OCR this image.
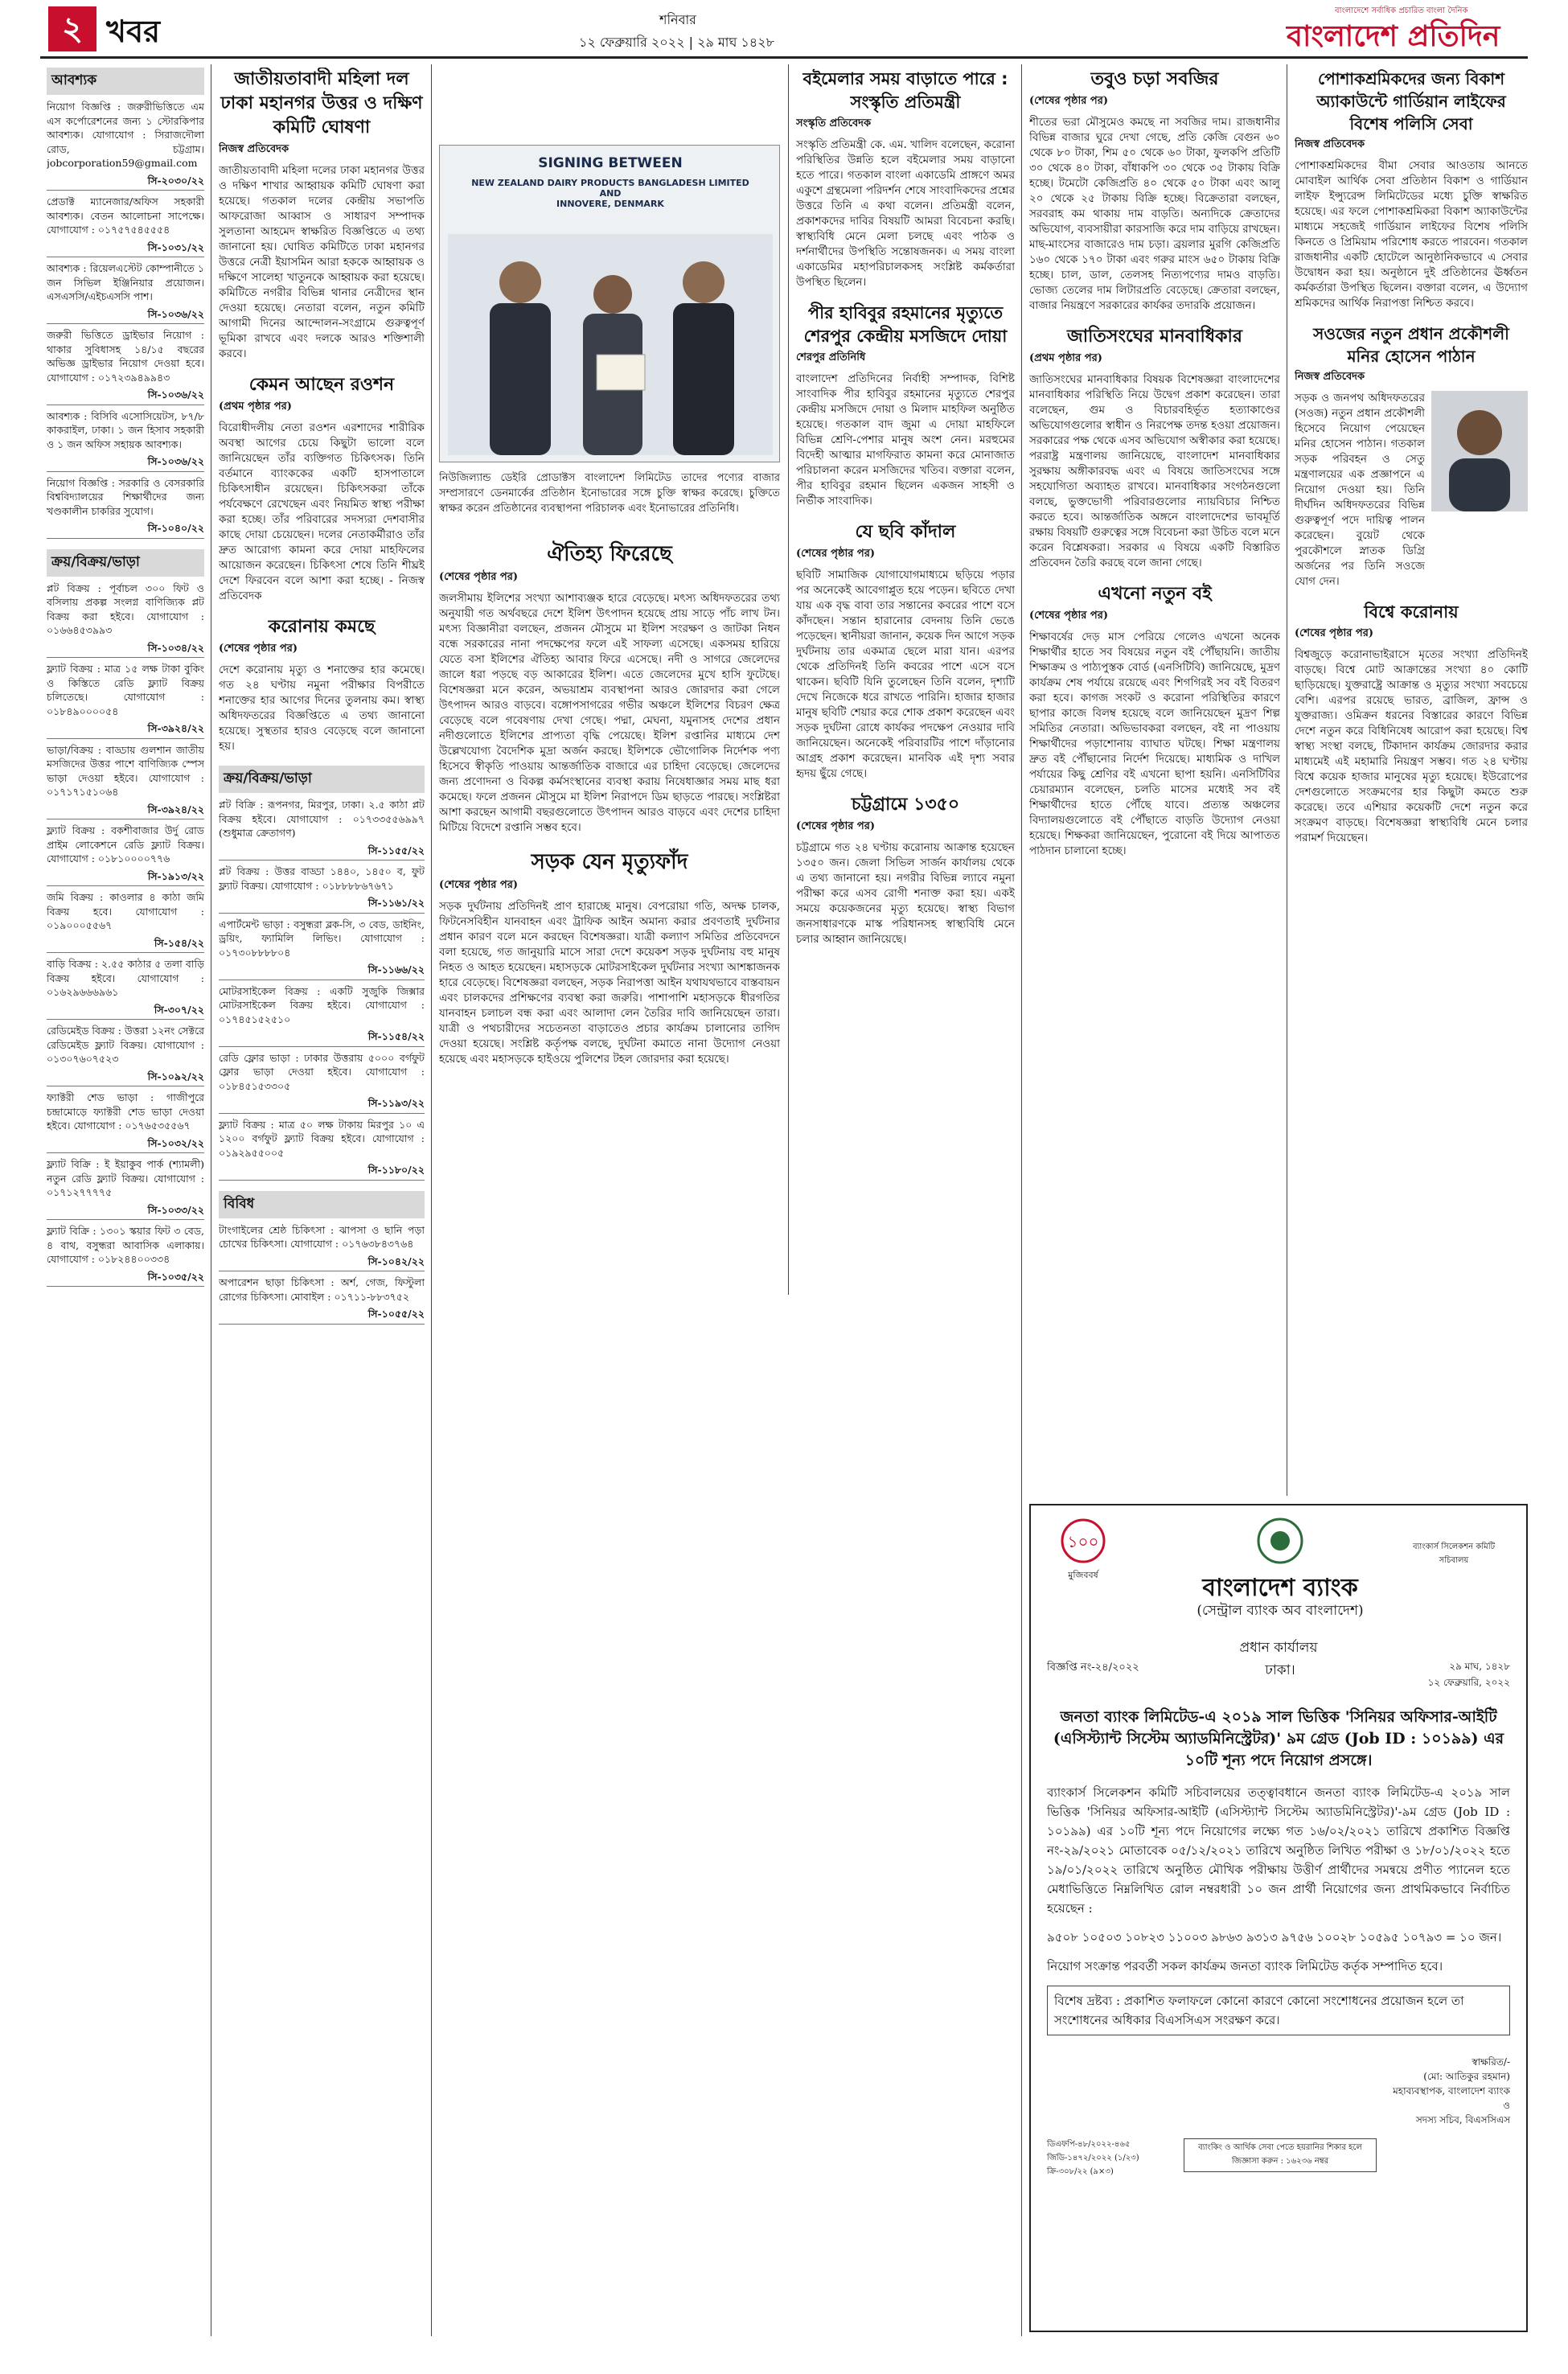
২ খবর	শনিবার
১২ ফেব্রুয়ারি ২০২২ | ২৯ মাঘ ১৪২৮
বাংলাদেশে সর্বাধিক প্রচারিত বাংলা দৈনিক
বাংলাদেশ প্রতিদিন
আবশ্যক

নিয়োগ বিজ্ঞপ্তি : জরুরীভিত্তিতে এম এস কর্পোরেশনের জন্য ১ স্টোরকিপার আবশ্যক। যোগাযোগ : সিরাজদৌলা রোড, চট্টগ্রাম। jobcorporation59@gmail.com

সি-২০৩০/২২

প্রেডাক্ট ম্যানেজার/অফিস সহকারী আবশ্যক। বেতন আলোচনা সাপেক্ষে। যোগাযোগ : ০১৭৫৭৫৪৫৫৫৪

সি-১০৩১/২২

আবশ্যক : রিয়েলএস্টেট কোম্পানীতে ১ জন সিভিল ইঞ্জিনিয়ার প্রয়োজন। এসএসসি/এইচএসসি পাশ।

সি-১০৩৬/২২

জরুরী ভিত্তিতে ড্রাইভার নিয়োগ : থাকার সুবিধাসহ ১৪/১৫ বছরের অভিজ্ঞ ড্রাইভার নিয়োগ দেওয়া হবে। যোগাযোগ : ০১৭২৩৯৪৯৯৪৩

সি-১০৩৬/২২

আবশ্যক : বিসিবি এসোসিয়েটস, ৮৭/৮ কাকরাইল, ঢাকা। ১ জন হিসাব সহকারী ও ১ জন অফিস সহায়ক আবশ্যক।

সি-১০৩৬/২২

নিয়োগ বিজ্ঞপ্তি : সরকারি ও বেসরকারি বিশ্ববিদ্যালয়ের শিক্ষার্থীদের জন্য খণ্ডকালীন চাকরির সুযোগ।

সি-১০৪০/২২
ক্রয়/বিক্রয়/ভাড়া

প্লট বিক্রয় : পূর্বাচল ৩০০ ফিট ও বসিলায় প্রকল্প সংলগ্ন বাণিজ্যিক প্লট বিক্রয় করা হইবে। যোগাযোগ : ০১৬৬৪৫৩৯৯৩

সি-১০৩৪/২২

ফ্ল্যাট বিক্রয় : মাত্র ১৫ লক্ষ টাকা বুকিং ও কিস্তিতে রেডি ফ্ল্যাট বিক্রয় চলিতেছে। যোগাযোগ : ০১৮৪৯০০০০৫৪

সি-৩৯২৪/২২

ভাড়া/বিক্রয় : বাড্ডায় গুলশান জাতীয় মসজিদের উত্তর পাশে বাণিজ্যিক স্পেস ভাড়া দেওয়া হইবে। যোগাযোগ : ০১৭১৭১৫১০৬৪

সি-৩৯২৪/২২

ফ্ল্যাট বিক্রয় : বকশীবাজার উর্দু রোড প্রাইম লোকেশনে রেডি ফ্ল্যাট বিক্রয়। যোগাযোগ : ০১৮১০০০০৭৭৬

সি-১৯১৩/২২

জমি বিক্রয় : কাওলার ৪ কাঠা জমি বিক্রয় হবে। যোগাযোগ : ০১৯০০০৫৫৬৭

সি-১৫৪/২২

বাড়ি বিক্রয় : ২.৫৫ কাঠার ৫ তলা বাড়ি বিক্রয় হইবে। যোগাযোগ : ০১৬২৯৬৬৬৯৬১

সি-৩০৭/২২

রেডিমেইড বিক্রয় : উত্তরা ১২নং সেক্টরে রেডিমেইড ফ্ল্যাট বিক্রয়। যোগাযোগ : ০১৩০৭৬০৭৫২৩

সি-১০৯২/২২

ফ্যাক্টরী শেড ভাড়া : গাজীপুরে চন্দ্রামোড়ে ফ্যাক্টরী শেড ভাড়া দেওয়া হইবে। যোগাযোগ : ০১৭৬৫৩৫৫৬৭

সি-১০৩২/২২

ফ্ল্যাট বিক্রি : ই ইয়াকুব পার্ক (শ্যামলী) নতুন রেডি ফ্ল্যাট বিক্রয়। যোগাযোগ : ০১৭১২৭৭৭৭৫

সি-১০৩৩/২২

ফ্ল্যাট বিক্রি : ১৩০১ স্কয়ার ফিট ৩ বেড, ৪ বাথ, বসুন্ধরা আবাসিক এলাকায়। যোগাযোগ : ০১৮২৪৪০০৩৩৪

সি-১০৩৫/২২
জাতীয়তাবাদী মহিলা দল ঢাকা মহানগর উত্তর ও দক্ষিণ কমিটি ঘোষণা
নিজস্ব প্রতিবেদক
জাতীয়তাবাদী মহিলা দলের ঢাকা মহানগর উত্তর ও দক্ষিণ শাখার আহ্বায়ক কমিটি ঘোষণা করা হয়েছে। গতকাল দলের কেন্দ্রীয় সভাপতি আফরোজা আব্বাস ও সাধারণ সম্পাদক সুলতানা আহমেদ স্বাক্ষরিত বিজ্ঞপ্তিতে এ তথ্য জানানো হয়। ঘোষিত কমিটিতে ঢাকা মহানগর উত্তরে নেত্রী ইয়াসমিন আরা হককে আহ্বায়ক ও দক্ষিণে সালেহা খাতুনকে আহ্বায়ক করা হয়েছে। কমিটিতে নগরীর বিভিন্ন থানার নেত্রীদের স্থান দেওয়া হয়েছে। নেতারা বলেন, নতুন কমিটি আগামী দিনের আন্দোলন-সংগ্রামে গুরুত্বপূর্ণ ভূমিকা রাখবে এবং দলকে আরও শক্তিশালী করবে।
কেমন আছেন রওশন
(প্রথম পৃষ্ঠার পর)
বিরোধীদলীয় নেতা রওশন এরশাদের শারীরিক অবস্থা আগের চেয়ে কিছুটা ভালো বলে জানিয়েছেন তাঁর ব্যক্তিগত চিকিৎসক। তিনি বর্তমানে ব্যাংককের একটি হাসপাতালে চিকিৎসাধীন রয়েছেন। চিকিৎসকরা তাঁকে পর্যবেক্ষণে রেখেছেন এবং নিয়মিত স্বাস্থ্য পরীক্ষা করা হচ্ছে। তাঁর পরিবারের সদস্যরা দেশবাসীর কাছে দোয়া চেয়েছেন। দলের নেতাকর্মীরাও তাঁর দ্রুত আরোগ্য কামনা করে দোয়া মাহফিলের আয়োজন করেছেন। চিকিৎসা শেষে তিনি শীঘ্রই দেশে ফিরবেন বলে আশা করা হচ্ছে। - নিজস্ব প্রতিবেদক
করোনায় কমছে
(শেষের পৃষ্ঠার পর)
দেশে করোনায় মৃত্যু ও শনাক্তের হার কমেছে। গত ২৪ ঘণ্টায় নমুনা পরীক্ষার বিপরীতে শনাক্তের হার আগের দিনের তুলনায় কম। স্বাস্থ্য অধিদফতরের বিজ্ঞপ্তিতে এ তথ্য জানানো হয়েছে। সুস্থতার হারও বেড়েছে বলে জানানো হয়।
ক্রয়/বিক্রয়/ভাড়া

প্লট বিক্রি : রূপনগর, মিরপুর, ঢাকা। ২.৫ কাঠা প্লট বিক্রয় হইবে। যোগাযোগ : ০১৭৩৩৫৫৬৯৯৭ (শুধুমাত্র ক্রেতাগণ)

সি-১১৫৫/২২

প্লট বিক্রয় : উত্তর বাড্ডা ১৪৪০, ১৪৫০ ব, ফুট ফ্ল্যাট বিক্রয়। যোগাযোগ : ০১৮৮৮৮৬৭৬৭১

সি-১১৬১/২২

এপার্টমেন্ট ভাড়া : বসুন্ধরা ব্লক-সি, ৩ বেড, ডাইনিং, ড্রয়িং, ফ্যামিলি লিভিং। যোগাযোগ : ০১৭৩০৮৮৮৮০৪

সি-১১৬৬/২২

মোটরসাইকেল বিক্রয় : একটি সুজুকি জিক্সার মোটরসাইকেল বিক্রয় হইবে। যোগাযোগ : ০১৭৪৫১৫২৫১০

সি-১১৫৪/২২

রেডি ফ্লোর ভাড়া : ঢাকার উত্তরায় ৫০০০ বর্গফুট ফ্লোর ভাড়া দেওয়া হইবে। যোগাযোগ : ০১৮৪৫১৫৩৩০৫

সি-১১৯৩/২২

ফ্ল্যাট বিক্রয় : মাত্র ৫০ লক্ষ টাকায় মিরপুর ১০ এ ১২০০ বর্গফুট ফ্ল্যাট বিক্রয় হইবে। যোগাযোগ : ০১৯২৯৫৫০০৫

সি-১১৮০/২২
বিবিধ

টাংগাইলের শ্রেষ্ঠ চিকিৎসা : ঝাপসা ও ছানি পড়া চোখের চিকিৎসা। যোগাযোগ : ০১৭৬৩৮৪৩৭৬৪

সি-১০৪২/২২

অপারেশন ছাড়া চিকিৎসা : অর্শ, গেজ, ফিস্টুলা রোগের চিকিৎসা। মোবাইল : ০১৭১১-৮৮৩৭৫২

সি-১০৫৫/২২
SIGNING BETWEEN
NEW ZEALAND DAIRY PRODUCTS BANGLADESH LIMITED
AND
INNOVERE, DENMARK
নিউজিল্যান্ড ডেইরি প্রোডাক্টস বাংলাদেশ লিমিটেড তাদের পণ্যের বাজার সম্প্রসারণে ডেনমার্কের প্রতিষ্ঠান ইনোভারের সঙ্গে চুক্তি স্বাক্ষর করেছে। চুক্তিতে স্বাক্ষর করেন প্রতিষ্ঠানের ব্যবস্থাপনা পরিচালক এবং ইনোভারের প্রতিনিধি।
ঐতিহ্য ফিরেছে
(শেষের পৃষ্ঠার পর)
জলসীমায় ইলিশের সংখ্যা আশাব্যঞ্জক হারে বেড়েছে। মৎস্য অধিদফতরের তথ্য অনুযায়ী গত অর্থবছরে দেশে ইলিশ উৎপাদন হয়েছে প্রায় সাড়ে পাঁচ লাখ টন। মৎস্য বিজ্ঞানীরা বলছেন, প্রজনন মৌসুমে মা ইলিশ সংরক্ষণ ও জাটকা নিধন বন্ধে সরকারের নানা পদক্ষেপের ফলে এই সাফল্য এসেছে। একসময় হারিয়ে যেতে বসা ইলিশের ঐতিহ্য আবার ফিরে এসেছে। নদী ও সাগরে জেলেদের জালে ধরা পড়ছে বড় আকারের ইলিশ। এতে জেলেদের মুখে হাসি ফুটেছে। বিশেষজ্ঞরা মনে করেন, অভয়াশ্রম ব্যবস্থাপনা আরও জোরদার করা গেলে উৎপাদন আরও বাড়বে। বঙ্গোপসাগরের গভীর অঞ্চলে ইলিশের বিচরণ ক্ষেত্র বেড়েছে বলে গবেষণায় দেখা গেছে। পদ্মা, মেঘনা, যমুনাসহ দেশের প্রধান নদীগুলোতে ইলিশের প্রাপ্যতা বৃদ্ধি পেয়েছে। ইলিশ রপ্তানির মাধ্যমে দেশ উল্লেখযোগ্য বৈদেশিক মুদ্রা অর্জন করছে। ইলিশকে ভৌগোলিক নির্দেশক পণ্য হিসেবে স্বীকৃতি পাওয়ায় আন্তর্জাতিক বাজারে এর চাহিদা বেড়েছে। জেলেদের জন্য প্রণোদনা ও বিকল্প কর্মসংস্থানের ব্যবস্থা করায় নিষেধাজ্ঞার সময় মাছ ধরা কমেছে। ফলে প্রজনন মৌসুমে মা ইলিশ নিরাপদে ডিম ছাড়তে পারছে। সংশ্লিষ্টরা আশা করছেন আগামী বছরগুলোতে উৎপাদন আরও বাড়বে এবং দেশের চাহিদা মিটিয়ে বিদেশে রপ্তানি সম্ভব হবে।
সড়ক যেন মৃত্যুফাঁদ
(শেষের পৃষ্ঠার পর)
সড়ক দুর্ঘটনায় প্রতিদিনই প্রাণ হারাচ্ছে মানুষ। বেপরোয়া গতি, অদক্ষ চালক, ফিটনেসবিহীন যানবাহন এবং ট্রাফিক আইন অমান্য করার প্রবণতাই দুর্ঘটনার প্রধান কারণ বলে মনে করছেন বিশেষজ্ঞরা। যাত্রী কল্যাণ সমিতির প্রতিবেদনে বলা হয়েছে, গত জানুয়ারি মাসে সারা দেশে কয়েকশ সড়ক দুর্ঘটনায় বহু মানুষ নিহত ও আহত হয়েছেন। মহাসড়কে মোটরসাইকেল দুর্ঘটনার সংখ্যা আশঙ্কাজনক হারে বেড়েছে। বিশেষজ্ঞরা বলছেন, সড়ক নিরাপত্তা আইন যথাযথভাবে বাস্তবায়ন এবং চালকদের প্রশিক্ষণের ব্যবস্থা করা জরুরি। পাশাপাশি মহাসড়কে ধীরগতির যানবাহন চলাচল বন্ধ করা এবং আলাদা লেন তৈরির দাবি জানিয়েছেন তারা। যাত্রী ও পথচারীদের সচেতনতা বাড়াতেও প্রচার কার্যক্রম চালানোর তাগিদ দেওয়া হয়েছে। সংশ্লিষ্ট কর্তৃপক্ষ বলছে, দুর্ঘটনা কমাতে নানা উদ্যোগ নেওয়া হয়েছে এবং মহাসড়কে হাইওয়ে পুলিশের টহল জোরদার করা হয়েছে।
বইমেলার সময় বাড়াতে পারে : সংস্কৃতি প্রতিমন্ত্রী
সংস্কৃতি প্রতিবেদক
সংস্কৃতি প্রতিমন্ত্রী কে. এম. খালিদ বলেছেন, করোনা পরিস্থিতির উন্নতি হলে বইমেলার সময় বাড়ানো হতে পারে। গতকাল বাংলা একাডেমি প্রাঙ্গণে অমর একুশে গ্রন্থমেলা পরিদর্শন শেষে সাংবাদিকদের প্রশ্নের উত্তরে তিনি এ কথা বলেন। প্রতিমন্ত্রী বলেন, প্রকাশকদের দাবির বিষয়টি আমরা বিবেচনা করছি। স্বাস্থ্যবিধি মেনে মেলা চলছে এবং পাঠক ও দর্শনার্থীদের উপস্থিতি সন্তোষজনক। এ সময় বাংলা একাডেমির মহাপরিচালকসহ সংশ্লিষ্ট কর্মকর্তারা উপস্থিত ছিলেন।
পীর হাবিবুর রহমানের মৃত্যুতে শেরপুর কেন্দ্রীয় মসজিদে দোয়া
শেরপুর প্রতিনিধি
বাংলাদেশ প্রতিদিনের নির্বাহী সম্পাদক, বিশিষ্ট সাংবাদিক পীর হাবিবুর রহমানের মৃত্যুতে শেরপুর কেন্দ্রীয় মসজিদে দোয়া ও মিলাদ মাহফিল অনুষ্ঠিত হয়েছে। গতকাল বাদ জুমা এ দোয়া মাহফিলে বিভিন্ন শ্রেণি-পেশার মানুষ অংশ নেন। মরহুমের বিদেহী আত্মার মাগফিরাত কামনা করে মোনাজাত পরিচালনা করেন মসজিদের খতিব। বক্তারা বলেন, পীর হাবিবুর রহমান ছিলেন একজন সাহসী ও নির্ভীক সাংবাদিক।
যে ছবি কাঁদাল
(শেষের পৃষ্ঠার পর)
ছবিটি সামাজিক যোগাযোগমাধ্যমে ছড়িয়ে পড়ার পর অনেকেই আবেগাপ্লুত হয়ে পড়েন। ছবিতে দেখা যায় এক বৃদ্ধ বাবা তার সন্তানের কবরের পাশে বসে কাঁদছেন। সন্তান হারানোর বেদনায় তিনি ভেঙে পড়েছেন। স্থানীয়রা জানান, কয়েক দিন আগে সড়ক দুর্ঘটনায় তার একমাত্র ছেলে মারা যান। এরপর থেকে প্রতিদিনই তিনি কবরের পাশে এসে বসে থাকেন। ছবিটি যিনি তুলেছেন তিনি বলেন, দৃশ্যটি দেখে নিজেকে ধরে রাখতে পারিনি। হাজার হাজার মানুষ ছবিটি শেয়ার করে শোক প্রকাশ করেছেন এবং সড়ক দুর্ঘটনা রোধে কার্যকর পদক্ষেপ নেওয়ার দাবি জানিয়েছেন। অনেকেই পরিবারটির পাশে দাঁড়ানোর আগ্রহ প্রকাশ করেছেন। মানবিক এই দৃশ্য সবার হৃদয় ছুঁয়ে গেছে।
চট্টগ্রামে ১৩৫০
(শেষের পৃষ্ঠার পর)
চট্টগ্রামে গত ২৪ ঘণ্টায় করোনায় আক্রান্ত হয়েছেন ১৩৫০ জন। জেলা সিভিল সার্জন কার্যালয় থেকে এ তথ্য জানানো হয়। নগরীর বিভিন্ন ল্যাবে নমুনা পরীক্ষা করে এসব রোগী শনাক্ত করা হয়। একই সময়ে কয়েকজনের মৃত্যু হয়েছে। স্বাস্থ্য বিভাগ জনসাধারণকে মাস্ক পরিধানসহ স্বাস্থ্যবিধি মেনে চলার আহ্বান জানিয়েছে।
তবুও চড়া সবজির
(শেষের পৃষ্ঠার পর)
শীতের ভরা মৌসুমেও কমছে না সবজির দাম। রাজধানীর বিভিন্ন বাজার ঘুরে দেখা গেছে, প্রতি কেজি বেগুন ৬০ থেকে ৮০ টাকা, শিম ৫০ থেকে ৬০ টাকা, ফুলকপি প্রতিটি ৩০ থেকে ৪০ টাকা, বাঁধাকপি ৩০ থেকে ৩৫ টাকায় বিক্রি হচ্ছে। টমেটো কেজিপ্রতি ৪০ থেকে ৫০ টাকা এবং আলু ২০ থেকে ২৫ টাকায় বিক্রি হচ্ছে। বিক্রেতারা বলছেন, সরবরাহ কম থাকায় দাম বাড়তি। অন্যদিকে ক্রেতাদের অভিযোগ, ব্যবসায়ীরা কারসাজি করে দাম বাড়িয়ে রাখছেন। মাছ-মাংসের বাজারেও দাম চড়া। ব্রয়লার মুরগি কেজিপ্রতি ১৬০ থেকে ১৭০ টাকা এবং গরুর মাংস ৬৫০ টাকায় বিক্রি হচ্ছে। চাল, ডাল, তেলসহ নিত্যপণ্যের দামও বাড়তি। ভোজ্য তেলের দাম লিটারপ্রতি বেড়েছে। ক্রেতারা বলছেন, বাজার নিয়ন্ত্রণে সরকারের কার্যকর তদারকি প্রয়োজন।
জাতিসংঘের মানবাধিকার
(প্রথম পৃষ্ঠার পর)
জাতিসংঘের মানবাধিকার বিষয়ক বিশেষজ্ঞরা বাংলাদেশের মানবাধিকার পরিস্থিতি নিয়ে উদ্বেগ প্রকাশ করেছেন। তারা বলেছেন, গুম ও বিচারবহির্ভূত হত্যাকাণ্ডের অভিযোগগুলোর স্বাধীন ও নিরপেক্ষ তদন্ত হওয়া প্রয়োজন। সরকারের পক্ষ থেকে এসব অভিযোগ অস্বীকার করা হয়েছে। পররাষ্ট্র মন্ত্রণালয় জানিয়েছে, বাংলাদেশ মানবাধিকার সুরক্ষায় অঙ্গীকারবদ্ধ এবং এ বিষয়ে জাতিসংঘের সঙ্গে সহযোগিতা অব্যাহত রাখবে। মানবাধিকার সংগঠনগুলো বলছে, ভুক্তভোগী পরিবারগুলোর ন্যায়বিচার নিশ্চিত করতে হবে। আন্তর্জাতিক অঙ্গনে বাংলাদেশের ভাবমূর্তি রক্ষায় বিষয়টি গুরুত্বের সঙ্গে বিবেচনা করা উচিত বলে মনে করেন বিশ্লেষকরা। সরকার এ বিষয়ে একটি বিস্তারিত প্রতিবেদন তৈরি করছে বলে জানা গেছে।
এখনো নতুন বই
(শেষের পৃষ্ঠার পর)
শিক্ষাবর্ষের দেড় মাস পেরিয়ে গেলেও এখনো অনেক শিক্ষার্থীর হাতে সব বিষয়ের নতুন বই পৌঁছায়নি। জাতীয় শিক্ষাক্রম ও পাঠ্যপুস্তক বোর্ড (এনসিটিবি) জানিয়েছে, মুদ্রণ কার্যক্রম শেষ পর্যায়ে রয়েছে এবং শিগগিরই সব বই বিতরণ করা হবে। কাগজ সংকট ও করোনা পরিস্থিতির কারণে ছাপার কাজে বিলম্ব হয়েছে বলে জানিয়েছেন মুদ্রণ শিল্প সমিতির নেতারা। অভিভাবকরা বলছেন, বই না পাওয়ায় শিক্ষার্থীদের পড়াশোনায় ব্যাঘাত ঘটছে। শিক্ষা মন্ত্রণালয় দ্রুত বই পৌঁছানোর নির্দেশ দিয়েছে। মাধ্যমিক ও দাখিল পর্যায়ের কিছু শ্রেণির বই এখনো ছাপা হয়নি। এনসিটিবির চেয়ারম্যান বলেছেন, চলতি মাসের মধ্যেই সব বই শিক্ষার্থীদের হাতে পৌঁছে যাবে। প্রত্যন্ত অঞ্চলের বিদ্যালয়গুলোতে বই পৌঁছাতে বাড়তি উদ্যোগ নেওয়া হয়েছে। শিক্ষকরা জানিয়েছেন, পুরোনো বই দিয়ে আপাতত পাঠদান চালানো হচ্ছে।
পোশাকশ্রমিকদের জন্য বিকাশ অ্যাকাউন্টে গার্ডিয়ান লাইফের বিশেষ পলিসি সেবা
নিজস্ব প্রতিবেদক
পোশাকশ্রমিকদের বীমা সেবার আওতায় আনতে মোবাইল আর্থিক সেবা প্রতিষ্ঠান বিকাশ ও গার্ডিয়ান লাইফ ইন্স্যুরেন্স লিমিটেডের মধ্যে চুক্তি স্বাক্ষরিত হয়েছে। এর ফলে পোশাকশ্রমিকরা বিকাশ অ্যাকাউন্টের মাধ্যমে সহজেই গার্ডিয়ান লাইফের বিশেষ পলিসি কিনতে ও প্রিমিয়াম পরিশোধ করতে পারবেন। গতকাল রাজধানীর একটি হোটেলে আনুষ্ঠানিকভাবে এ সেবার উদ্বোধন করা হয়। অনুষ্ঠানে দুই প্রতিষ্ঠানের ঊর্ধ্বতন কর্মকর্তারা উপস্থিত ছিলেন। বক্তারা বলেন, এ উদ্যোগ শ্রমিকদের আর্থিক নিরাপত্তা নিশ্চিত করবে।
সওজের নতুন প্রধান প্রকৌশলী মনির হোসেন পাঠান
নিজস্ব প্রতিবেদক
সড়ক ও জনপথ অধিদফতরের (সওজ) নতুন প্রধান প্রকৌশলী হিসেবে নিয়োগ পেয়েছেন মনির হোসেন পাঠান। গতকাল সড়ক পরিবহন ও সেতু মন্ত্রণালয়ের এক প্রজ্ঞাপনে এ নিয়োগ দেওয়া হয়। তিনি দীর্ঘদিন অধিদফতরের বিভিন্ন গুরুত্বপূর্ণ পদে দায়িত্ব পালন করেছেন। বুয়েট থেকে পুরকৌশলে স্নাতক ডিগ্রি অর্জনের পর তিনি সওজে যোগ দেন।
বিশ্বে করোনায়
(শেষের পৃষ্ঠার পর)
বিশ্বজুড়ে করোনাভাইরাসে মৃতের সংখ্যা প্রতিদিনই বাড়ছে। বিশ্বে মোট আক্রান্তের সংখ্যা ৪০ কোটি ছাড়িয়েছে। যুক্তরাষ্ট্রে আক্রান্ত ও মৃত্যুর সংখ্যা সবচেয়ে বেশি। এরপর রয়েছে ভারত, ব্রাজিল, ফ্রান্স ও যুক্তরাজ্য। ওমিক্রন ধরনের বিস্তারের কারণে বিভিন্ন দেশে নতুন করে বিধিনিষেধ আরোপ করা হয়েছে। বিশ্ব স্বাস্থ্য সংস্থা বলছে, টিকাদান কার্যক্রম জোরদার করার মাধ্যমেই এই মহামারি নিয়ন্ত্রণ সম্ভব। গত ২৪ ঘণ্টায় বিশ্বে কয়েক হাজার মানুষের মৃত্যু হয়েছে। ইউরোপের দেশগুলোতে সংক্রমণের হার কিছুটা কমতে শুরু করেছে। তবে এশিয়ার কয়েকটি দেশে নতুন করে সংক্রমণ বাড়ছে। বিশেষজ্ঞরা স্বাস্থ্যবিধি মেনে চলার পরামর্শ দিয়েছেন।
১০০
মুজিববর্ষ
ব্যাংকার্স সিলেকশন কমিটি সচিবালয়
বাংলাদেশ ব্যাংক
(সেন্ট্রাল ব্যাংক অব বাংলাদেশ)
প্রধান কার্যালয়
বিজ্ঞপ্তি নং-২৪/২০২২	ঢাকা।	২৯ মাঘ, ১৪২৮
১২ ফেব্রুয়ারি, ২০২২
জনতা ব্যাংক লিমিটেড-এ ২০১৯ সাল ভিত্তিক 'সিনিয়র অফিসার-আইটি (এসিস্ট্যান্ট সিস্টেম অ্যাডমিনিস্ট্রেটর)' ৯ম গ্রেড (Job ID : ১০১৯৯) এর ১০টি শূন্য পদে নিয়োগ প্রসঙ্গে।
ব্যাংকার্স সিলেকশন কমিটি সচিবালয়ের তত্ত্বাবধানে জনতা ব্যাংক লিমিটেড-এ ২০১৯ সাল ভিত্তিক 'সিনিয়র অফিসার-আইটি (এসিস্ট্যান্ট সিস্টেম অ্যাডমিনিস্ট্রেটর)'-৯ম গ্রেড (Job ID : ১০১৯৯) এর ১০টি শূন্য পদে নিয়োগের লক্ষ্যে গত ১৬/০২/২০২১ তারিখে প্রকাশিত বিজ্ঞপ্তি নং-২৯/২০২১ মোতাবেক ০৫/১২/২০২১ তারিখে অনুষ্ঠিত লিখিত পরীক্ষা ও ১৮/০১/২০২২ হতে ১৯/০১/২০২২ তারিখে অনুষ্ঠিত মৌখিক পরীক্ষায় উত্তীর্ণ প্রার্থীদের সমন্বয়ে প্রণীত প্যানেল হতে মেধাভিত্তিতে নিম্নলিখিত রোল নম্বরধারী ১০ জন প্রার্থী নিয়োগের জন্য প্রাথমিকভাবে নির্বাচিত হয়েছেন :
৯৫০৮ ১০৫০৩ ১০৮২৩ ১১০০৩ ৯৮৬৩ ৯৩১৩ ৯৭৫৬ ১০০২৮ ১০৫৯৫ ১০৭৯৩ = ১০ জন।
নিয়োগ সংক্রান্ত পরবর্তী সকল কার্যক্রম জনতা ব্যাংক লিমিটেড কর্তৃক সম্পাদিত হবে।
বিশেষ দ্রষ্টব্য : প্রকাশিত ফলাফলে কোনো কারণে কোনো সংশোধনের প্রয়োজন হলে তা সংশোধনের অধিকার বিএসসিএস সংরক্ষণ করে।
স্বাক্ষরিত/-
(মো: আতিকুর রহমান)
মহাব্যবস্থাপক, বাংলাদেশ ব্যাংক
ও
সদস্য সচিব, বিএসসিএস
ডিএফপি-৪৮/২০২২-৪৬৫
জিডি-১৪৭২/২০২২ (১/২৩)
ক্রি-৩০৮/২২ (৯×৩)
ব্যাংকিং ও আর্থিক সেবা পেতে হয়রানির শিকার হলে জিজ্ঞাসা করুন : ১৬২৩৬ নম্বর
